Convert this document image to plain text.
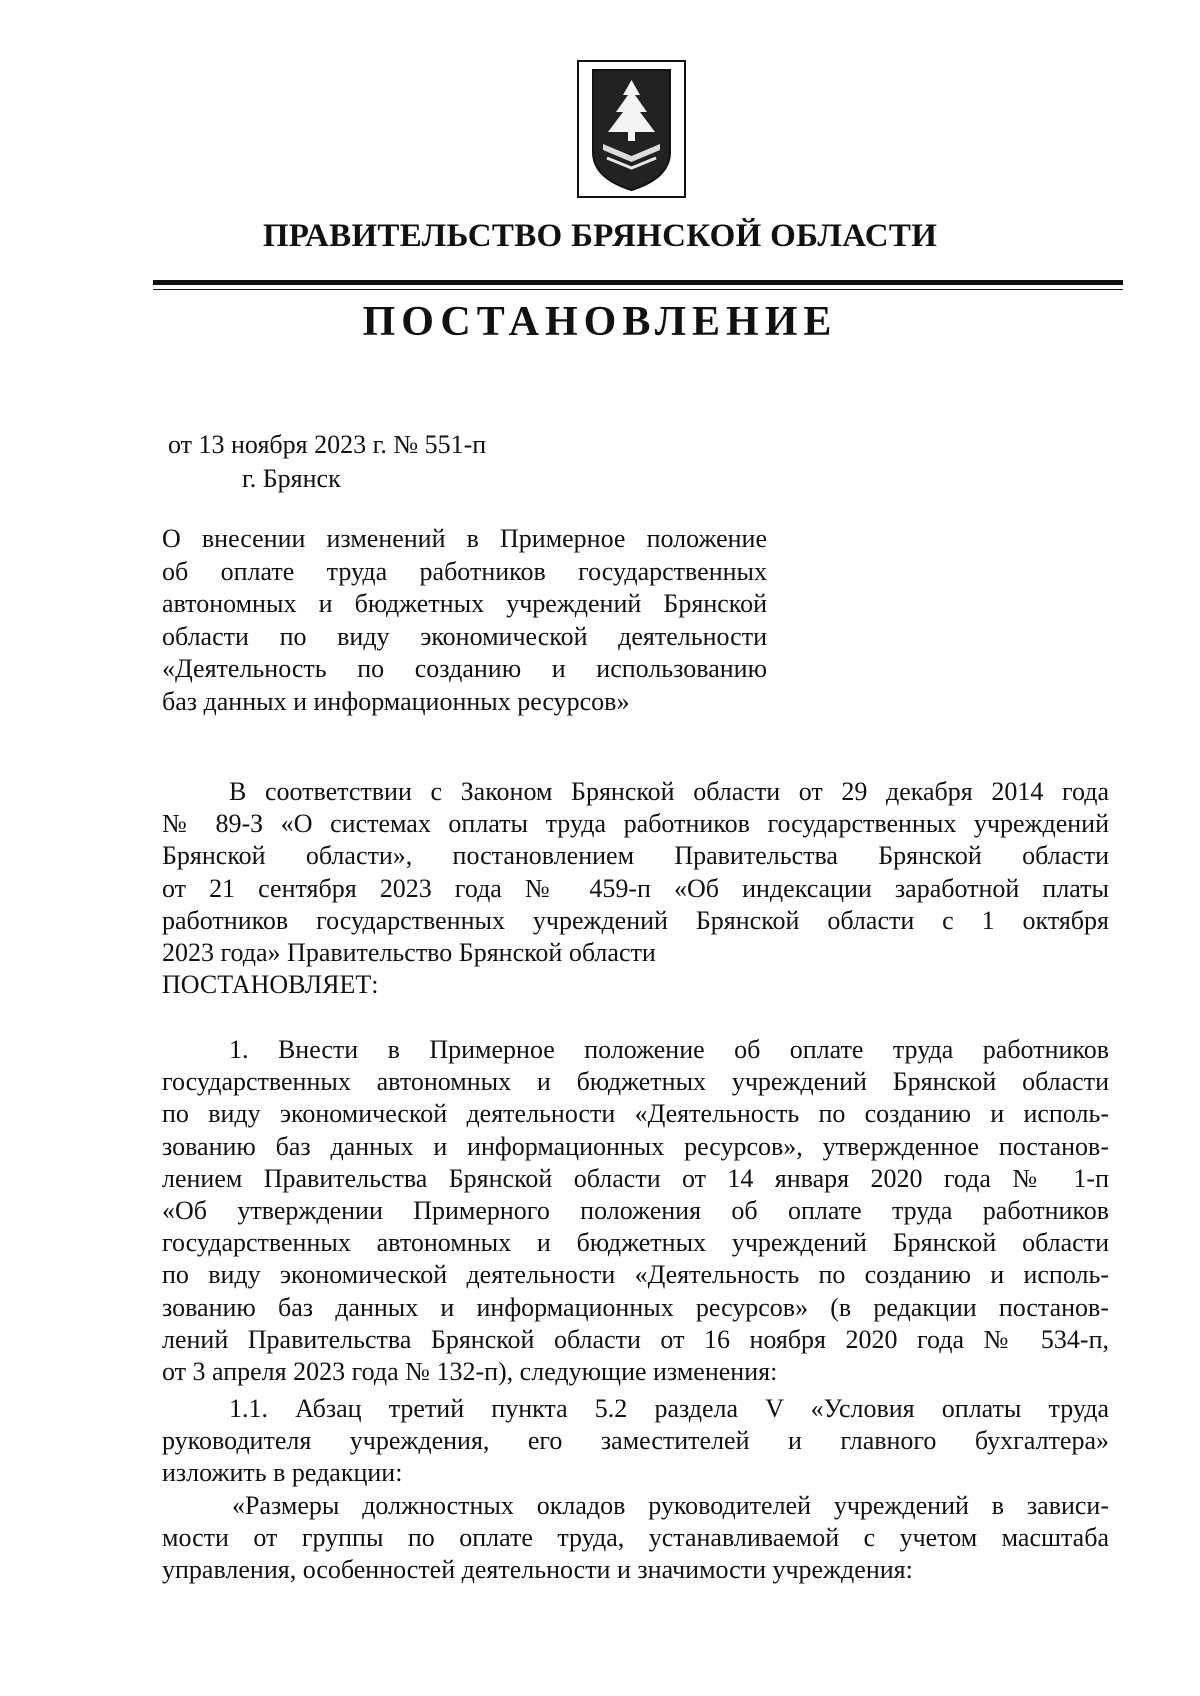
ПРАВИТЕЛЬСТВО БРЯНСКОЙ ОБЛАСТИ
ПОСТАНОВЛЕНИЕ
от 13 ноября 2023 г. № 551-п
г. Брянск
О внесении изменений в Примерное положение
об оплате труда работников государственных
автономных и бюджетных учреждений Брянской
области по виду экономической деятельности
«Деятельность по созданию и использованию
баз данных и информационных ресурсов»
В соответствии с Законом Брянской области от 29 декабря 2014 года
№ 89-З «О системах оплаты труда работников государственных учреждений
Брянской области», постановлением Правительства Брянской области
от 21 сентября 2023 года № 459-п «Об индексации заработной платы
работников государственных учреждений Брянской области с 1 октября
2023 года» Правительство Брянской области
ПОСТАНОВЛЯЕТ:
1. Внести в Примерное положение об оплате труда работников
государственных автономных и бюджетных учреждений Брянской области
по виду экономической деятельности «Деятельность по созданию и исполь-
зованию баз данных и информационных ресурсов», утвержденное постанов-
лением Правительства Брянской области от 14 января 2020 года № 1-п
«Об утверждении Примерного положения об оплате труда работников
государственных автономных и бюджетных учреждений Брянской области
по виду экономической деятельности «Деятельность по созданию и исполь-
зованию баз данных и информационных ресурсов» (в редакции постанов-
лений Правительства Брянской области от 16 ноября 2020 года № 534-п,
от 3 апреля 2023 года № 132-п), следующие изменения:
1.1. Абзац третий пункта 5.2 раздела V «Условия оплаты труда
руководителя учреждения, его заместителей и главного бухгалтера»
изложить в редакции:
«Размеры должностных окладов руководителей учреждений в зависи-
мости от группы по оплате труда, устанавливаемой с учетом масштаба
управления, особенностей деятельности и значимости учреждения:
